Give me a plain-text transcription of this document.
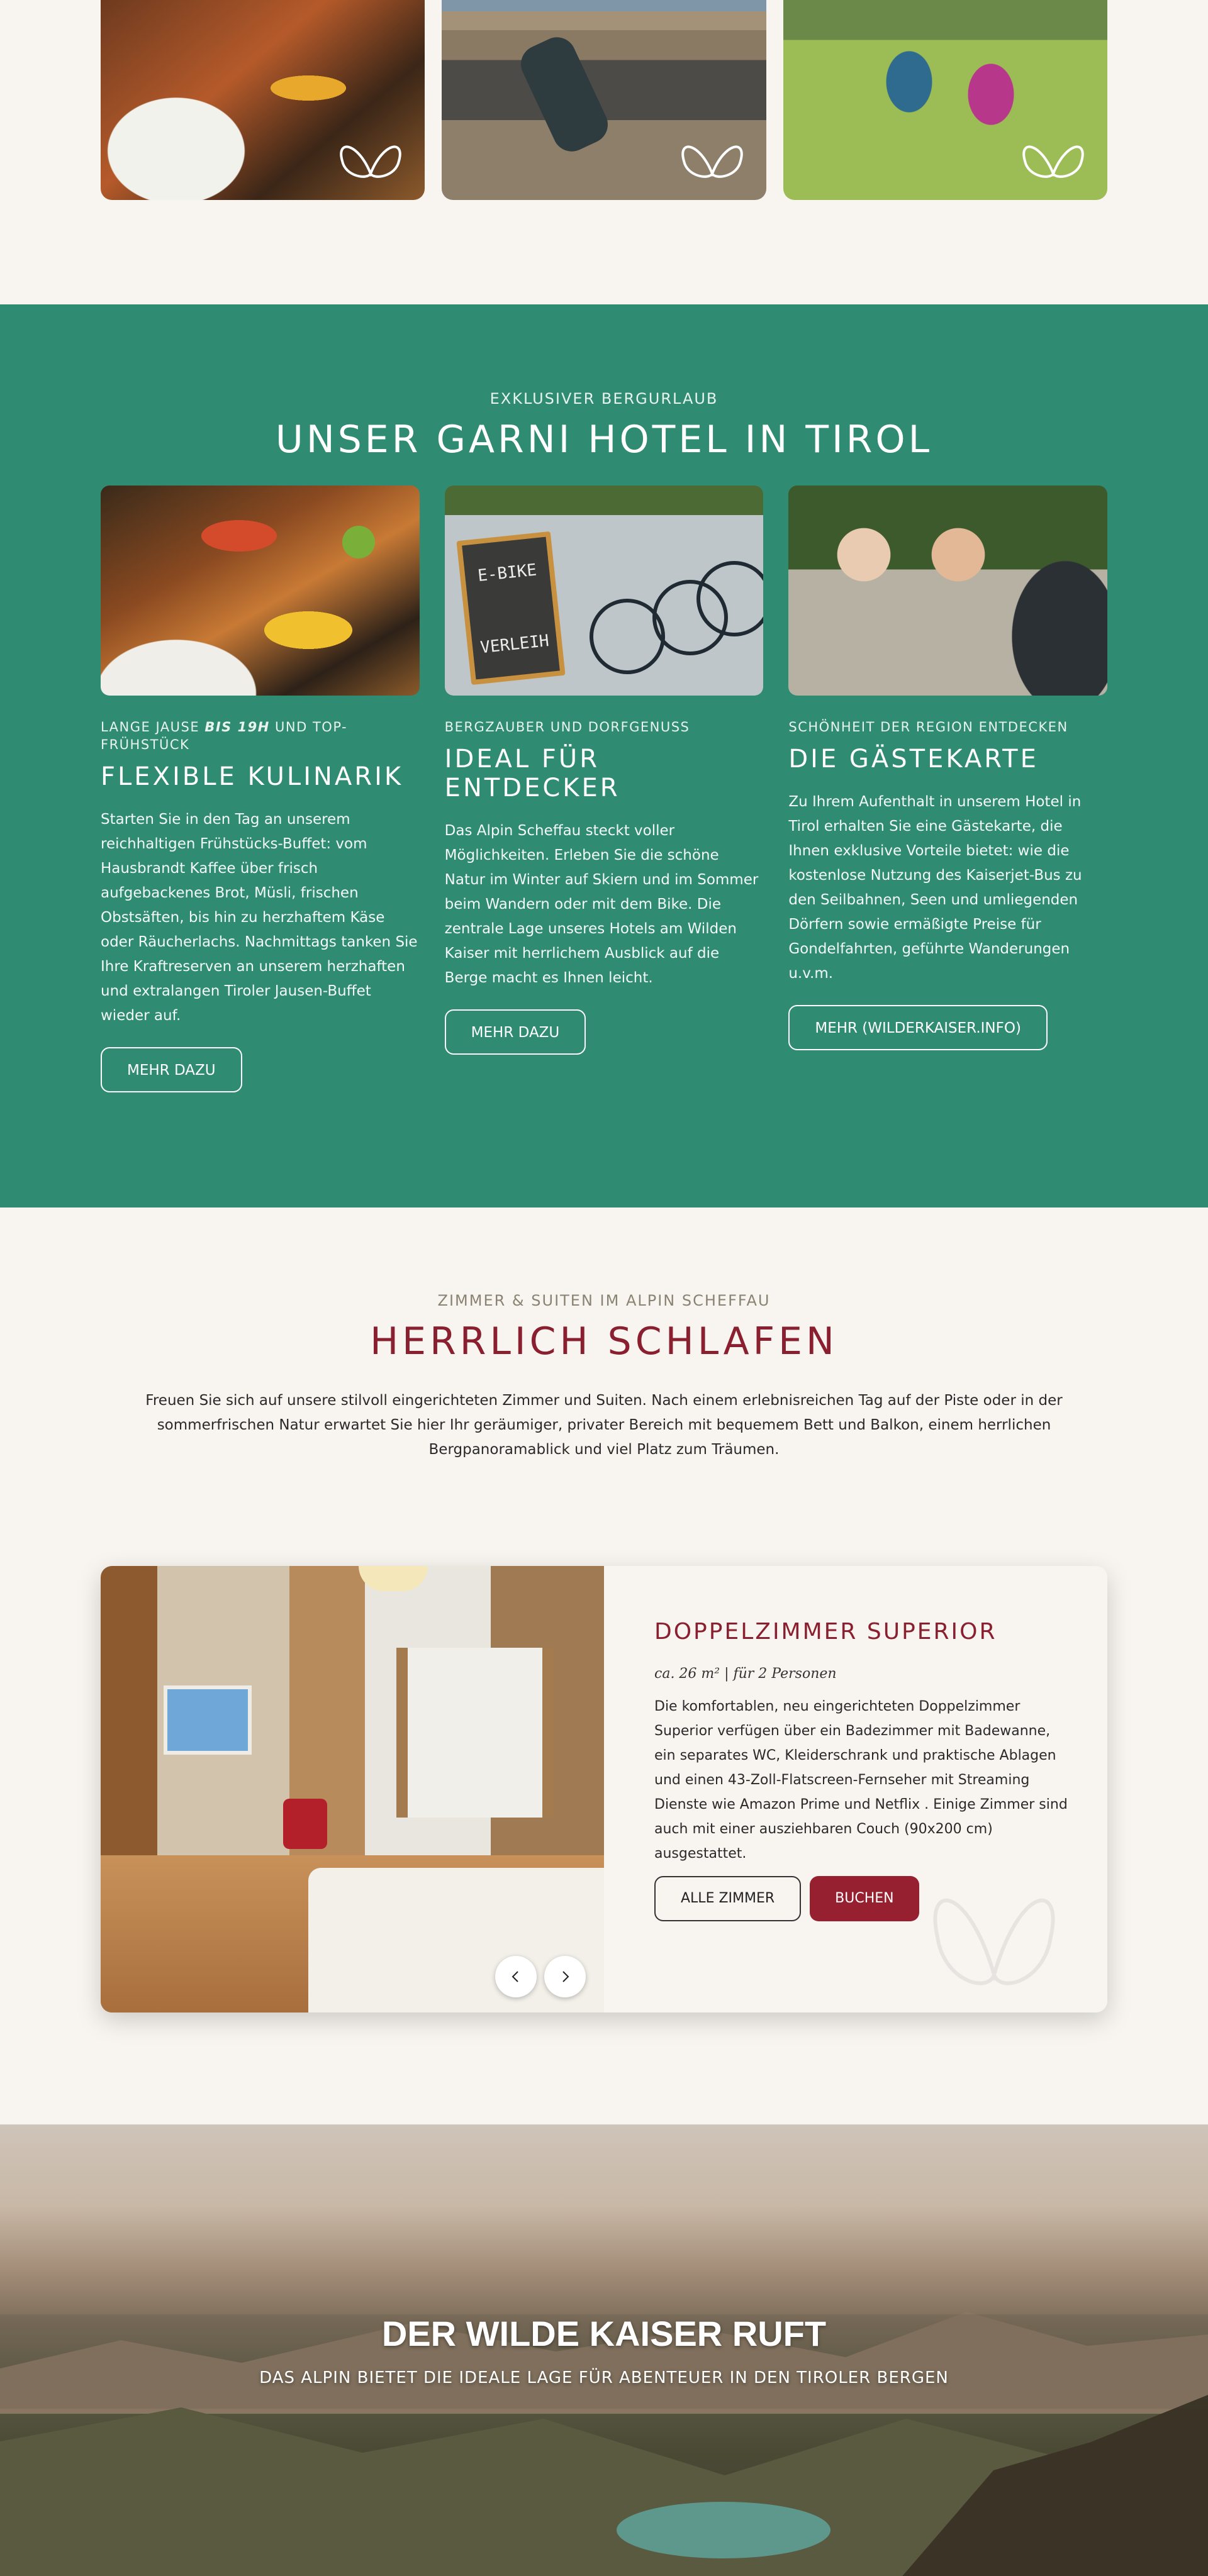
EXKLUSIVER BERGURLAUB
UNSER GARNI HOTEL IN TIROL
LANGE JAUSE BIS 19H UND TOP-FRÜHSTÜCK
FLEXIBLE KULINARIK

Starten Sie in den Tag an unserem reichhaltigen Frühstücks-Buffet: vom Hausbrandt Kaffee über frisch aufgebackenes Brot, Müsli, frischen Obstsäften, bis hin zu herzhaftem Käse oder Räucherlachs. Nachmittags tanken Sie Ihre Kraftreserven an unserem herzhaften und extralangen Tiroler Jausen-Buffet wieder auf.

MEHR DAZU
E-BIKE

VERLEIH
BERGZAUBER UND DORFGENUSS
IDEAL FÜR ENTDECKER

Das Alpin Scheffau steckt voller Möglichkeiten. Erleben Sie die schöne Natur im Winter auf Skiern und im Sommer beim Wandern oder mit dem Bike. Die zentrale Lage unseres Hotels am Wilden Kaiser mit herrlichem Ausblick auf die Berge macht es Ihnen leicht.

MEHR DAZU
SCHÖNHEIT DER REGION ENTDECKEN
DIE GÄSTEKARTE

Zu Ihrem Aufenthalt in unserem Hotel in Tirol erhalten Sie eine Gästekarte, die Ihnen exklusive Vorteile bietet: wie die kostenlose Nutzung des Kaiserjet-Bus zu den Seilbahnen, Seen und umliegenden Dörfern sowie ermäßigte Preise für Gondelfahrten, geführte Wanderungen u.v.m.

MEHR (WILDERKAISER.INFO)
ZIMMER & SUITEN IM ALPIN SCHEFFAU
HERRLICH SCHLAFEN

Freuen Sie sich auf unsere stilvoll eingerichteten Zimmer und Suiten. Nach einem erlebnisreichen Tag auf der Piste oder in der sommerfrischen Natur erwartet Sie hier Ihr geräumiger, privater Bereich mit bequemem Bett und Balkon, einem herrlichen Bergpanoramablick und viel Platz zum Träumen.

DOPPELZIMMER SUPERIOR
ca. 26 m² | für 2 Personen

Die komfortablen, neu eingerichteten Doppelzimmer Superior verfügen über ein Badezimmer mit Badewanne, ein separates WC, Kleiderschrank und praktische Ablagen und einen 43-Zoll-Flatscreen-Fernseher mit Streaming Dienste wie Amazon Prime und Netflix . Einige Zimmer sind auch mit einer ausziehbaren Couch (90x200 cm) ausgestattet.

ALLE ZIMMER	BUCHEN
DER WILDE KAISER RUFT
DAS ALPIN BIETET DIE IDEALE LAGE FÜR ABENTEUER IN DEN TIROLER BERGEN
